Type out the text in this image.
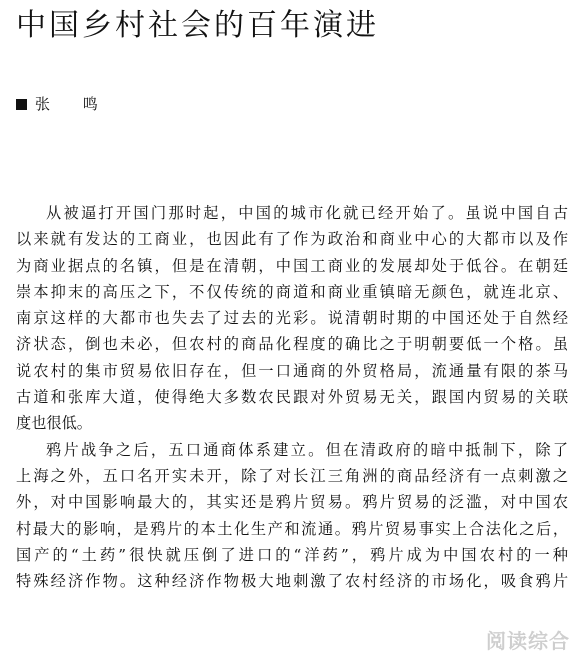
中国乡村社会的百年演进
张 鸣
从被逼打开国门那时起，中国的城市化就已经开始了。虽说中国自古
以来就有发达的工商业，也因此有了作为政治和商业中心的大都市以及作
为商业据点的名镇，但是在清朝，中国工商业的发展却处于低谷。在朝廷
崇本抑末的高压之下，不仅传统的商道和商业重镇暗无颜色，就连北京、
南京这样的大都市也失去了过去的光彩。说清朝时期的中国还处于自然经
济状态，倒也未必，但农村的商品化程度的确比之于明朝要低一个格。虽
说农村的集市贸易依旧存在，但一口通商的外贸格局，流通量有限的茶马
古道和张库大道，使得绝大多数农民跟对外贸易无关，跟国内贸易的关联
度也很低。
鸦片战争之后，五口通商体系建立。但在清政府的暗中抵制下，除了
上海之外，五口名开实未开，除了对长江三角洲的商品经济有一点刺激之
外，对中国影响最大的，其实还是鸦片贸易。鸦片贸易的泛滥，对中国农
村最大的影响，是鸦片的本土化生产和流通。鸦片贸易事实上合法化之后，
国产的“土药”很快就压倒了进口的“洋药”，鸦片成为中国农村的一种
特殊经济作物。这种经济作物极大地刺激了农村经济的市场化，吸食鸦片
阅读综合
